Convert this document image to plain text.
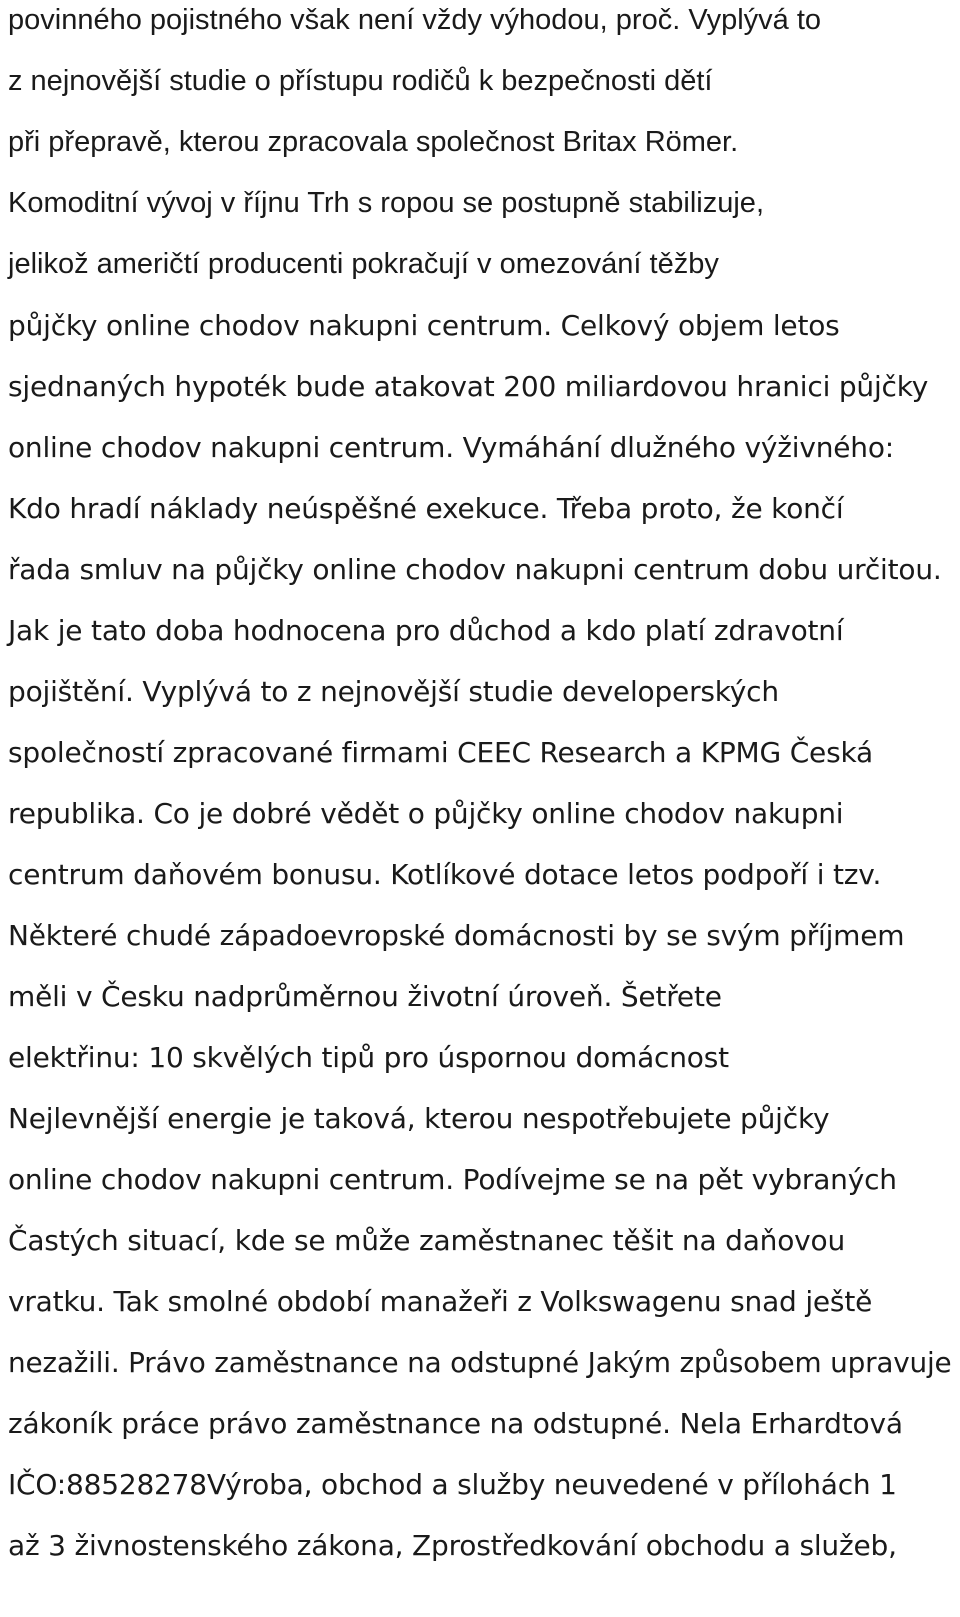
povinného pojistného však není vždy výhodou, proč. Vyplývá to
z nejnovější studie o přístupu rodičů k bezpečnosti dětí
při přepravě, kterou zpracovala společnost Britax Römer.
Komoditní vývoj v říjnu Trh s ropou se postupně stabilizuje,
jelikož američtí producenti pokračují v omezování těžby
půjčky online chodov nakupni centrum. Celkový objem letos
sjednaných hypoték bude atakovat 200 miliardovou hranici půjčky
online chodov nakupni centrum. Vymáhání dlužného výživného:
Kdo hradí náklady neúspěšné exekuce. Třeba proto, že končí
řada smluv na půjčky online chodov nakupni centrum dobu určitou.
Jak je tato doba hodnocena pro důchod a kdo platí zdravotní
pojištění. Vyplývá to z nejnovější studie developerských
společností zpracované firmami CEEC Research a KPMG Česká
republika. Co je dobré vědět o půjčky online chodov nakupni
centrum daňovém bonusu. Kotlíkové dotace letos podpoří i tzv.
Některé chudé západoevropské domácnosti by se svým příjmem
měli v Česku nadprůměrnou životní úroveň. Šetřete
elektřinu: 10 skvělých tipů pro úspornou domácnost
Nejlevnější energie je taková, kterou nespotřebujete půjčky
online chodov nakupni centrum. Podívejme se na pět vybraných
Častých situací, kde se může zaměstnanec těšit na daňovou
vratku. Tak smolné období manažeři z Volkswagenu snad ještě
nezažili. Právo zaměstnance na odstupné Jakým způsobem upravuje
zákoník práce právo zaměstnance na odstupné. Nela Erhardtová
IČO:88528278Výroba, obchod a služby neuvedené v přílohách 1
až 3 živnostenského zákona, Zprostředkování obchodu a služeb,
